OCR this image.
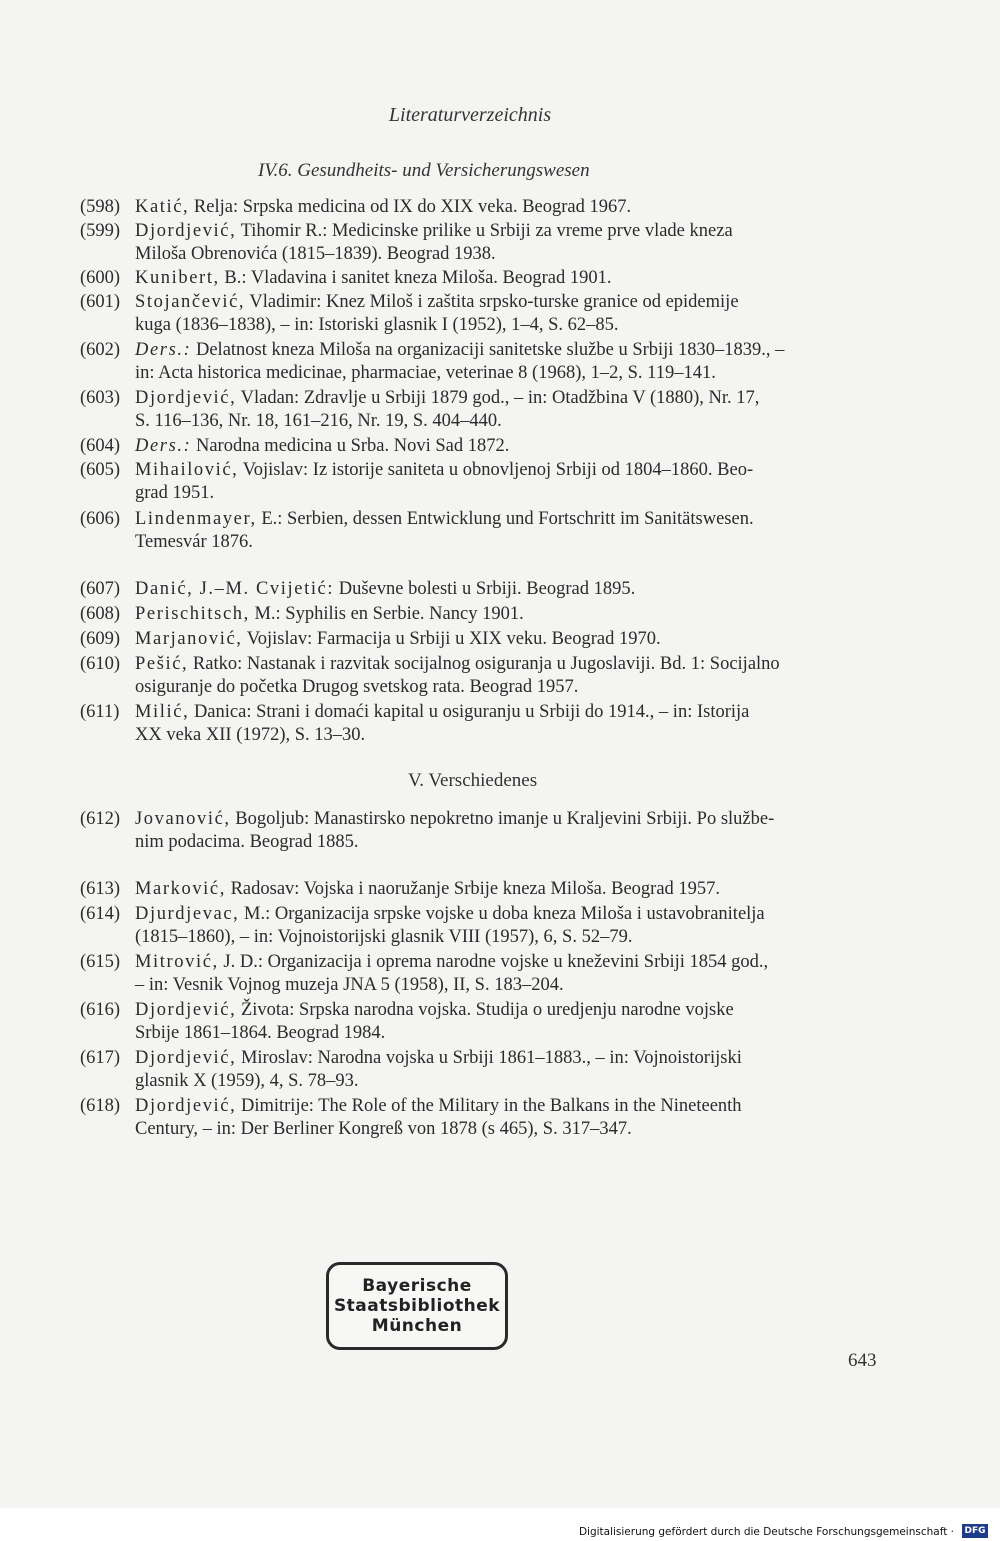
Literaturverzeichnis
IV.6. Gesundheits- und Versicherungswesen
(598) Katić, Relja: Srpska medicina od IX do XIX veka. Beograd 1967.
(599) Djordjević, Tihomir R.: Medicinske prilike u Srbiji za vreme prve vlade kneza
Miloša Obrenovića (1815–1839). Beograd 1938.
(600) Kunibert, B.: Vladavina i sanitet kneza Miloša. Beograd 1901.
(601) Stojančević, Vladimir: Knez Miloš i zaštita srpsko-turske granice od epidemije
kuga (1836–1838), – in: Istoriski glasnik I (1952), 1–4, S. 62–85.
(602) Ders.: Delatnost kneza Miloša na organizaciji sanitetske službe u Srbiji 1830–1839., –
in: Acta historica medicinae, pharmaciae, veterinae 8 (1968), 1–2, S. 119–141.
(603) Djordjević, Vladan: Zdravlje u Srbiji 1879 god., – in: Otadžbina V (1880), Nr. 17,
S. 116–136, Nr. 18, 161–216, Nr. 19, S. 404–440.
(604) Ders.: Narodna medicina u Srba. Novi Sad 1872.
(605) Mihailović, Vojislav: Iz istorije saniteta u obnovljenoj Srbiji od 1804–1860. Beo-
grad 1951.
(606) Lindenmayer, E.: Serbien, dessen Entwicklung und Fortschritt im Sanitätswesen.
Temesvár 1876.
(607) Danić, J.–M. Cvijetić: Duševne bolesti u Srbiji. Beograd 1895.
(608) Perischitsch, M.: Syphilis en Serbie. Nancy 1901.
(609) Marjanović, Vojislav: Farmacija u Srbiji u XIX veku. Beograd 1970.
(610) Pešić, Ratko: Nastanak i razvitak socijalnog osiguranja u Jugoslaviji. Bd. 1: Socijalno
osiguranje do početka Drugog svetskog rata. Beograd 1957.
(611) Milić, Danica: Strani i domaći kapital u osiguranju u Srbiji do 1914., – in: Istorija
XX veka XII (1972), S. 13–30.
V. Verschiedenes
(612) Jovanović, Bogoljub: Manastirsko nepokretno imanje u Kraljevini Srbiji. Po službe-
nim podacima. Beograd 1885.
(613) Marković, Radosav: Vojska i naoružanje Srbije kneza Miloša. Beograd 1957.
(614) Djurdjevac, M.: Organizacija srpske vojske u doba kneza Miloša i ustavobranitelja
(1815–1860), – in: Vojnoistorijski glasnik VIII (1957), 6, S. 52–79.
(615) Mitrović, J. D.: Organizacija i oprema narodne vojske u kneževini Srbiji 1854 god.,
– in: Vesnik Vojnog muzeja JNA 5 (1958), II, S. 183–204.
(616) Djordjević, Života: Srpska narodna vojska. Studija o uredjenju narodne vojske
Srbije 1861–1864. Beograd 1984.
(617) Djordjević, Miroslav: Narodna vojska u Srbiji 1861–1883., – in: Vojnoistorijski
glasnik X (1959), 4, S. 78–93.
(618) Djordjević, Dimitrije: The Role of the Military in the Balkans in the Nineteenth
Century, – in: Der Berliner Kongreß von 1878 (s 465), S. 317–347.
Bayerische
Staatsbibliothek
München
643
Digitalisierung gefördert durch die Deutsche Forschungsgemeinschaft · DFG
